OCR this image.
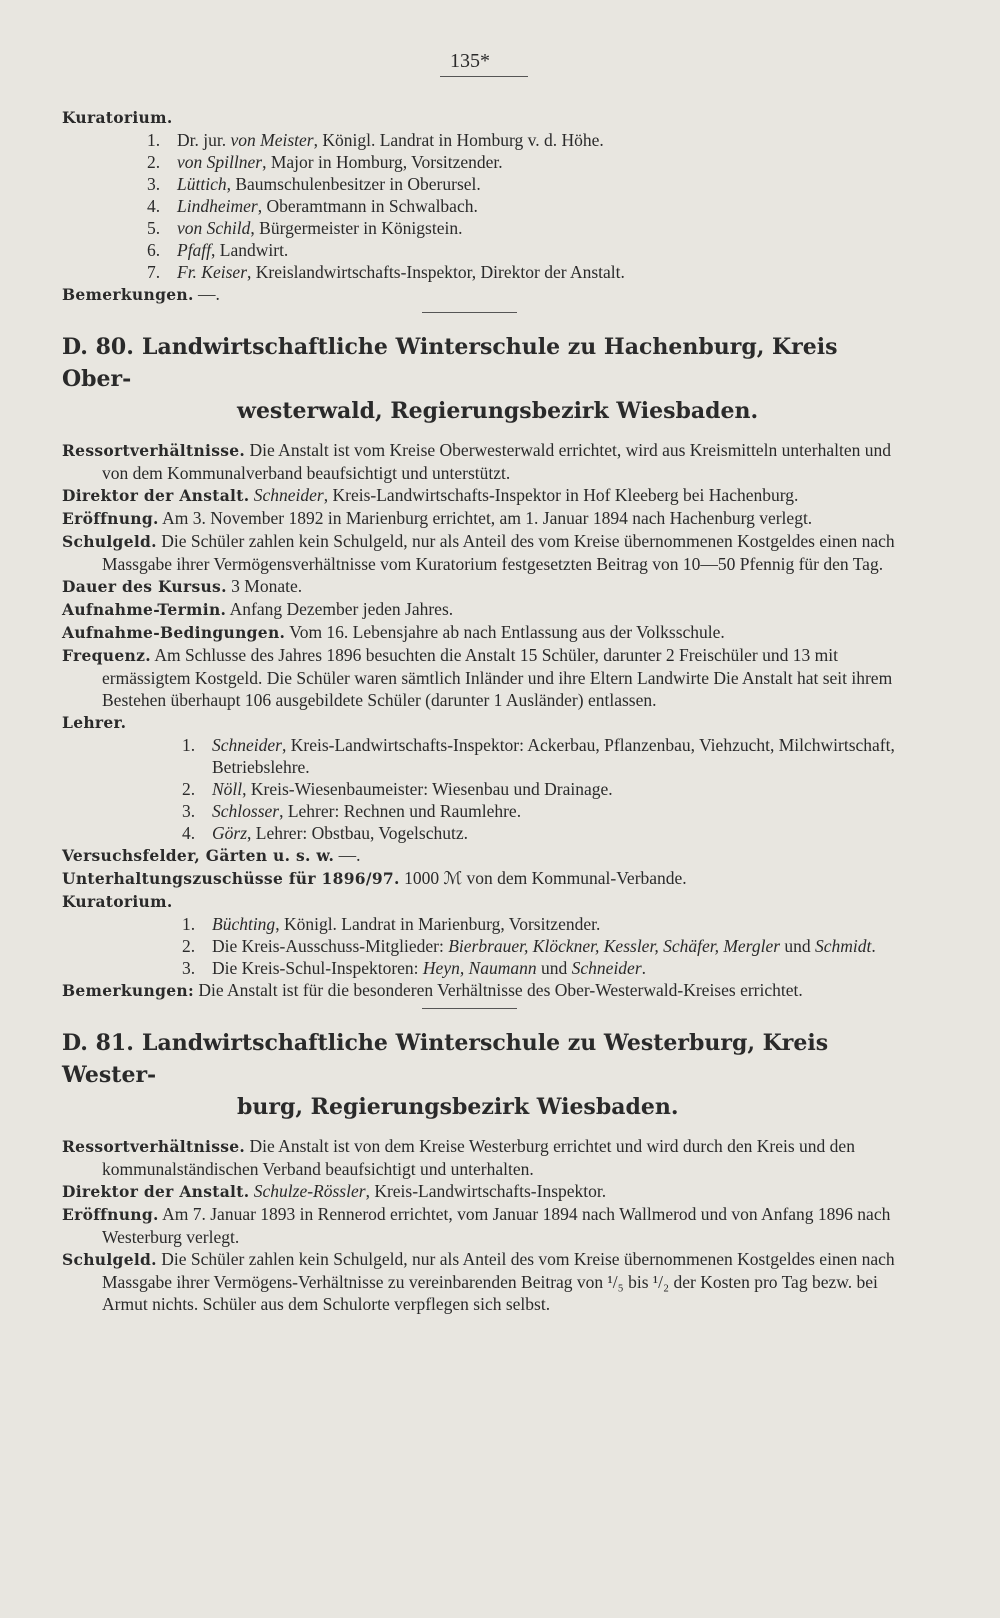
135*

Kuratorium.

1. Dr. jur. von Meister, Königl. Landrat in Homburg v. d. Höhe.
2. von Spillner, Major in Homburg, Vorsitzender.
3. Lüttich, Baumschulenbesitzer in Oberursel.
4. Lindheimer, Oberamtmann in Schwalbach.
5. von Schild, Bürgermeister in Königstein.
6. Pfaff, Landwirt.
7. Fr. Keiser, Kreislandwirtschafts-Inspektor, Direktor der Anstalt.

Bemerkungen. —.

D. 80. Landwirtschaftliche Winterschule zu Hachenburg, Kreis Ober-
westerwald, Regierungsbezirk Wiesbaden.

Ressortverhältnisse. Die Anstalt ist vom Kreise Oberwesterwald errichtet, wird aus Kreismitteln unterhalten und von dem Kommunalverband beaufsichtigt und unterstützt.

Direktor der Anstalt. Schneider, Kreis-Landwirtschafts-Inspektor in Hof Kleeberg bei Hachenburg.

Eröffnung. Am 3. November 1892 in Marienburg errichtet, am 1. Januar 1894 nach Hachenburg verlegt.

Schulgeld. Die Schüler zahlen kein Schulgeld, nur als Anteil des vom Kreise übernommenen Kostgeldes einen nach Massgabe ihrer Vermögensverhältnisse vom Kuratorium festgesetzten Beitrag von 10—50 Pfennig für den Tag.

Dauer des Kursus. 3 Monate.

Aufnahme-Termin. Anfang Dezember jeden Jahres.

Aufnahme-Bedingungen. Vom 16. Lebensjahre ab nach Entlassung aus der Volksschule.

Frequenz. Am Schlusse des Jahres 1896 besuchten die Anstalt 15 Schüler, darunter 2 Freischüler und 13 mit ermässigtem Kostgeld. Die Schüler waren sämtlich Inländer und ihre Eltern Landwirte Die Anstalt hat seit ihrem Bestehen überhaupt 106 ausgebildete Schüler (darunter 1 Ausländer) entlassen.

Lehrer.

1. Schneider, Kreis-Landwirtschafts-Inspektor: Ackerbau, Pflanzenbau, Viehzucht, Milchwirtschaft, Betriebslehre.
2. Nöll, Kreis-Wiesenbaumeister: Wiesenbau und Drainage.
3. Schlosser, Lehrer: Rechnen und Raumlehre.
4. Görz, Lehrer: Obstbau, Vogelschutz.

Versuchsfelder, Gärten u. s. w. —.

Unterhaltungszuschüsse für 1896/97. 1000 ℳ von dem Kommunal-Verbande.

Kuratorium.

1. Büchting, Königl. Landrat in Marienburg, Vorsitzender.
2. Die Kreis-Ausschuss-Mitglieder: Bierbrauer, Klöckner, Kessler, Schäfer, Mergler und Schmidt.
3. Die Kreis-Schul-Inspektoren: Heyn, Naumann und Schneider.

Bemerkungen: Die Anstalt ist für die besonderen Verhältnisse des Ober-Westerwald-Kreises errichtet.

D. 81. Landwirtschaftliche Winterschule zu Westerburg, Kreis Wester-
burg, Regierungsbezirk Wiesbaden.

Ressortverhältnisse. Die Anstalt ist von dem Kreise Westerburg errichtet und wird durch den Kreis und den kommunalständischen Verband beaufsichtigt und unterhalten.

Direktor der Anstalt. Schulze-Rössler, Kreis-Landwirtschafts-Inspektor.

Eröffnung. Am 7. Januar 1893 in Rennerod errichtet, vom Januar 1894 nach Wallmerod und von Anfang 1896 nach Westerburg verlegt.

Schulgeld. Die Schüler zahlen kein Schulgeld, nur als Anteil des vom Kreise übernommenen Kostgeldes einen nach Massgabe ihrer Vermögens-Verhältnisse zu vereinbarenden Beitrag von ¹/₅ bis ¹/₂ der Kosten pro Tag bezw. bei Armut nichts. Schüler aus dem Schulorte verpflegen sich selbst.
